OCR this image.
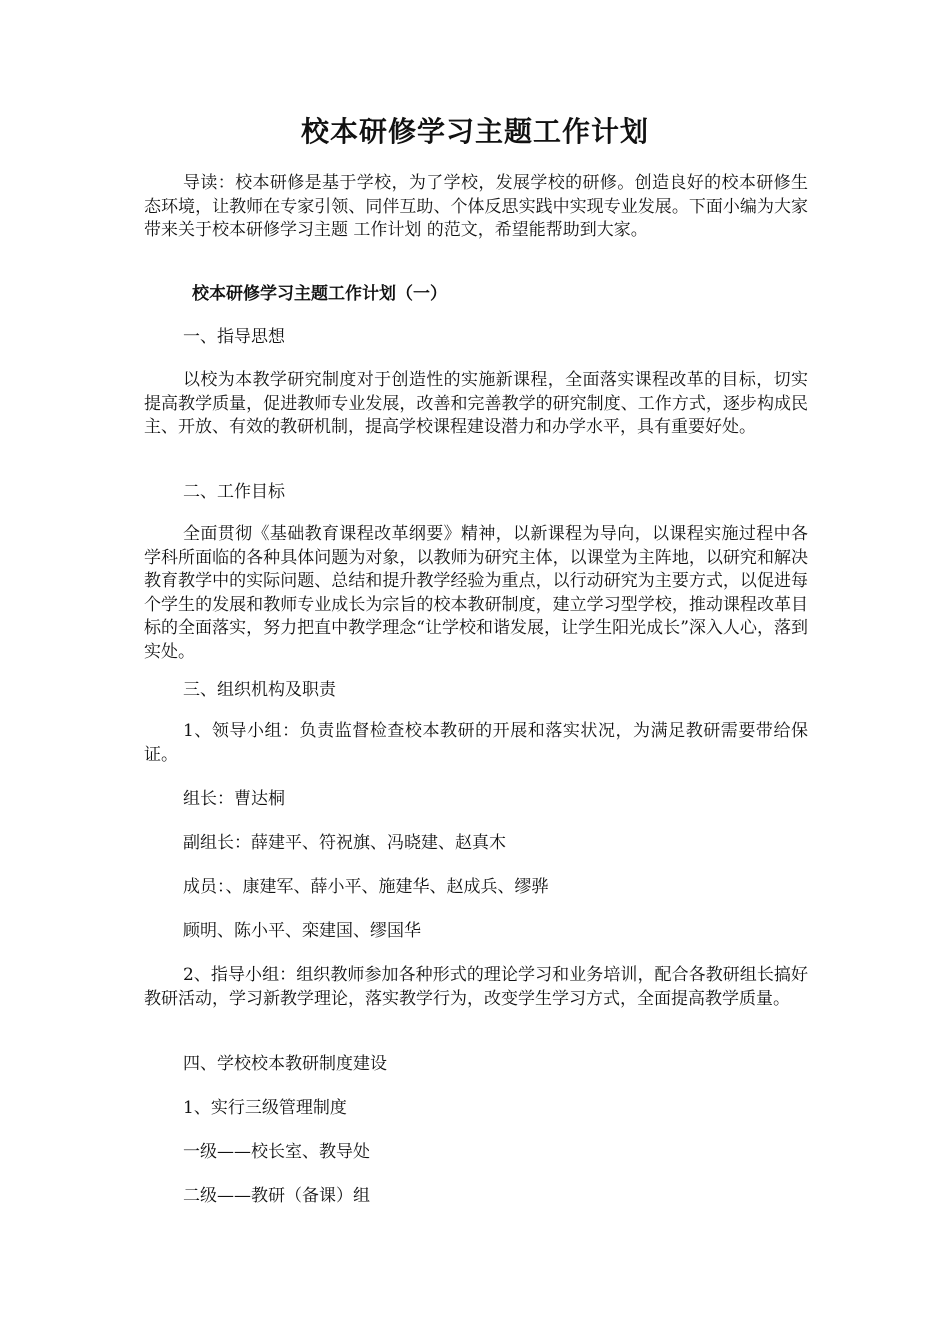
校本研修学习主题工作计划

导读：校本研修是基于学校，为了学校，发展学校的研修。创造良好的校本研修生态环境，让教师在专家引领、同伴互助、个体反思实践中实现专业发展。下面小编为大家带来关于校本研修学习主题 工作计划 的范文，希望能帮助到大家。

校本研修学习主题工作计划（一）
一、指导思想

以校为本教学研究制度对于创造性的实施新课程，全面落实课程改革的目标，切实提高教学质量，促进教师专业发展，改善和完善教学的研究制度、工作方式，逐步构成民主、开放、有效的教研机制，提高学校课程建设潜力和办学水平，具有重要好处。

二、工作目标

全面贯彻《基础教育课程改革纲要》精神，以新课程为导向，以课程实施过程中各学科所面临的各种具体问题为对象，以教师为研究主体，以课堂为主阵地，以研究和解决教育教学中的实际问题、总结和提升教学经验为重点，以行动研究为主要方式，以促进每个学生的发展和教师专业成长为宗旨的校本教研制度，建立学习型学校，推动课程改革目标的全面落实，努力把直中教学理念“让学校和谐发展，让学生阳光成长”深入人心，落到实处。

三、组织机构及职责

1、领导小组：负责监督检查校本教研的开展和落实状况，为满足教研需要带给保证。

组长：曹达桐
副组长：薛建平、符祝旗、冯晓建、赵真木
成员：、康建军、薛小平、施建华、赵成兵、缪骅
顾明、陈小平、栾建国、缪国华

2、指导小组：组织教师参加各种形式的理论学习和业务培训，配合各教研组长搞好教研活动，学习新教学理论，落实教学行为，改变学生学习方式，全面提高教学质量。

四、学校校本教研制度建设
1、实行三级管理制度
一级——校长室、教导处
二级——教研（备课）组
